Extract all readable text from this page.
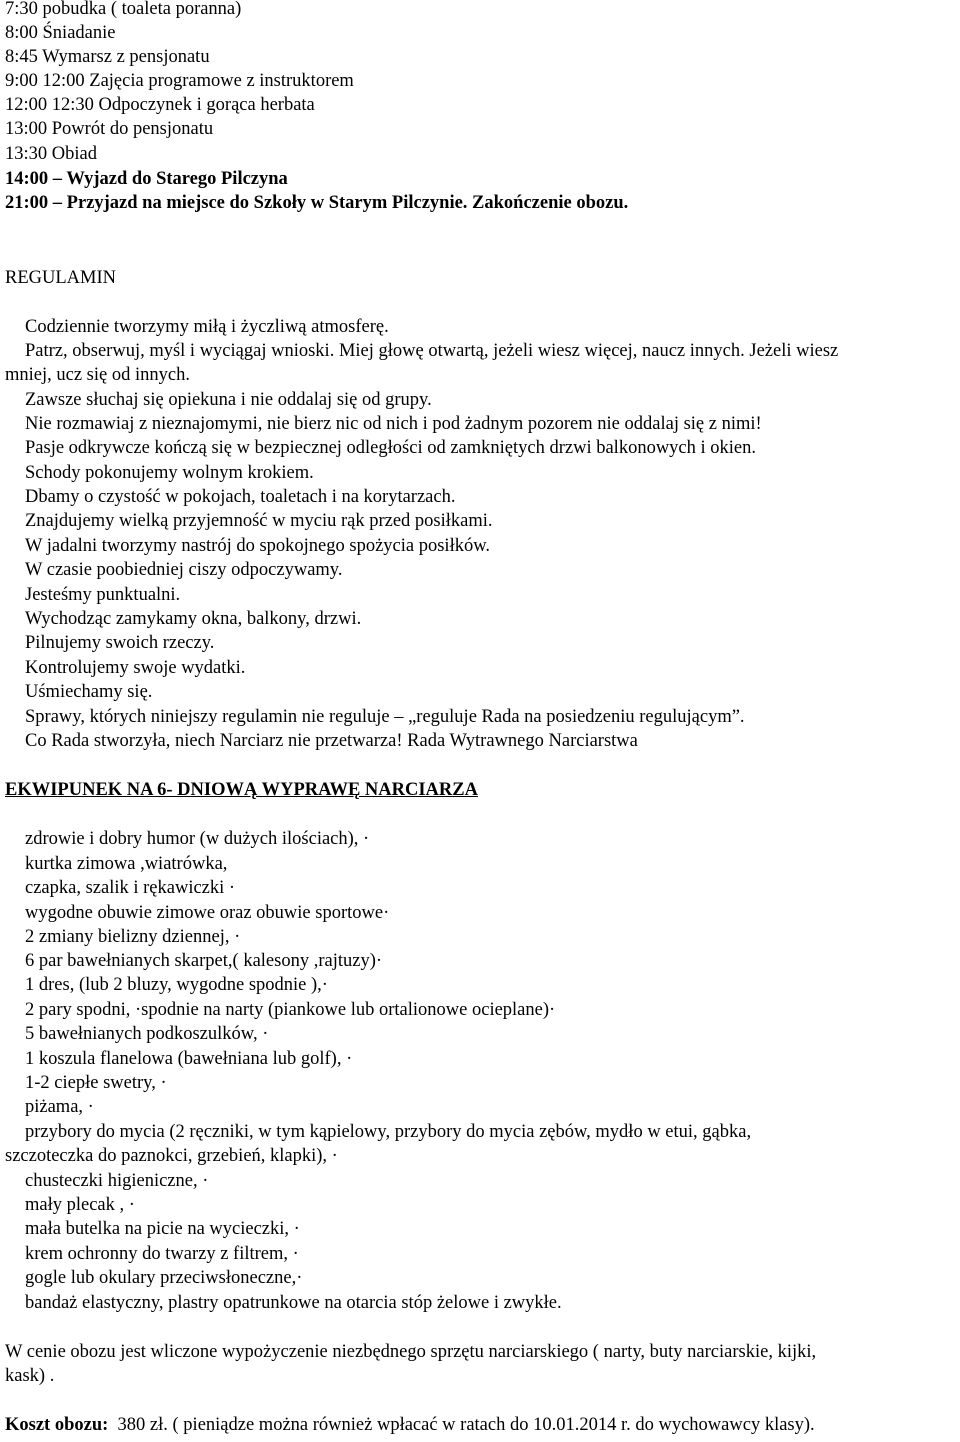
7:30 pobudka ( toaleta poranna)
8:00 Śniadanie
8:45 Wymarsz z pensjonatu
9:00 12:00 Zajęcia programowe z instruktorem
12:00 12:30 Odpoczynek i gorąca herbata
13:00 Powrót do pensjonatu
13:30 Obiad
14:00 – Wyjazd do Starego Pilczyna
21:00 – Przyjazd na miejsce do Szkoły w Starym Pilczynie. Zakończenie obozu.
REGULAMIN
Codziennie tworzymy miłą i życzliwą atmosferę.
Patrz, obserwuj, myśl i wyciągaj wnioski. Miej głowę otwartą, jeżeli wiesz więcej, naucz innych. Jeżeli wiesz
mniej, ucz się od innych.
Zawsze słuchaj się opiekuna i nie oddalaj się od grupy.
Nie rozmawiaj z nieznajomymi, nie bierz nic od nich i pod żadnym pozorem nie oddalaj się z nimi!
Pasje odkrywcze kończą się w bezpiecznej odległości od zamkniętych drzwi balkonowych i okien.
Schody pokonujemy wolnym krokiem.
Dbamy o czystość w pokojach, toaletach i na korytarzach.
Znajdujemy wielką przyjemność w myciu rąk przed posiłkami.
W jadalni tworzymy nastrój do spokojnego spożycia posiłków.
W czasie poobiedniej ciszy odpoczywamy.
Jesteśmy punktualni.
Wychodząc zamykamy okna, balkony, drzwi.
Pilnujemy swoich rzeczy.
Kontrolujemy swoje wydatki.
Uśmiechamy się.
Sprawy, których niniejszy regulamin nie reguluje – „reguluje Rada na posiedzeniu regulującym”.
Co Rada stworzyła, niech Narciarz nie przetwarza! Rada Wytrawnego Narciarstwa
EKWIPUNEK NA 6- DNIOWĄ WYPRAWĘ NARCIARZA
zdrowie i dobry humor (w dużych ilościach), ·
kurtka zimowa ,wiatrówka,
czapka, szalik i rękawiczki ·
wygodne obuwie zimowe oraz obuwie sportowe·
2 zmiany bielizny dziennej, ·
6 par bawełnianych skarpet,( kalesony ,rajtuzy)·
1 dres, (lub 2 bluzy, wygodne spodnie ),·
2 pary spodni, ·spodnie na narty (piankowe lub ortalionowe ocieplane)·
5 bawełnianych podkoszulków, ·
1 koszula flanelowa (bawełniana lub golf), ·
1-2 ciepłe swetry, ·
piżama, ·
przybory do mycia (2 ręczniki, w tym kąpielowy, przybory do mycia zębów, mydło w etui, gąbka,
szczoteczka do paznokci, grzebień, klapki), ·
chusteczki higieniczne, ·
mały plecak , ·
mała butelka na picie na wycieczki, ·
krem ochronny do twarzy z filtrem, ·
gogle lub okulary przeciwsłoneczne,·
bandaż elastyczny, plastry opatrunkowe na otarcia stóp żelowe i zwykłe.
W cenie obozu jest wliczone wypożyczenie niezbędnego sprzętu narciarskiego ( narty, buty narciarskie, kijki,
kask) .
Koszt obozu:  380 zł. ( pieniądze można również wpłacać w ratach do 10.01.2014 r. do wychowawcy klasy).
